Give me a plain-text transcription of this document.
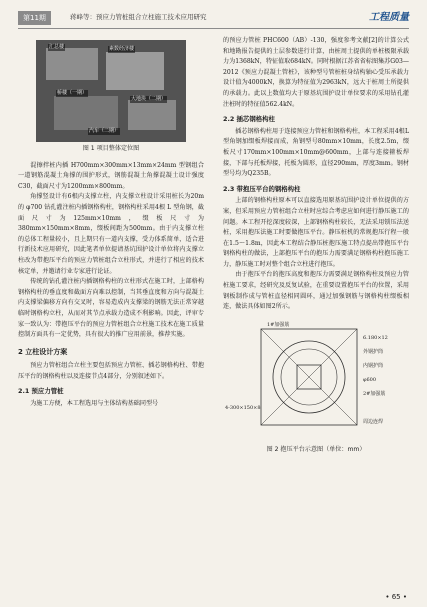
第11期	蒋峰等：预应力管桩组合立柱施工技术应用研究	工程质量
汇总楼	素数经济楼
桥楼（一期）
大地块（二期）
汽车（二期）
图 1 项目整体定位图

混擦拌桩内插 H700mm×300mm×13mm×24mm 型钢组合一道钢筋混凝土角撑的围护形式，钢筋混凝土角撑混凝土设计强度 C30，截面尺寸为1200mm×800mm。

角撑竖设计有6根内支撑立柱，内支撑立柱设计采用桩长为20m 的 φ700 钻孔灌注桩内插钢格构柱，钢格构柱采用4根 L 型角钢，截面尺寸为125mm×10mm，缀板尺寸为380mm×150mm×8mm，缀板间距为500mm。由于内支撑立柱的总体工程量较小，且上期只有一道内支撑，受力体系简单，适合进行新技术应用研究，因此笔者单位提请基坑围护设计单位将内支撑立柱改为带抱压平台的预应力管桩组合立柱形式，并进行了相应的技术核定单，并邀请行业专家进行论证。

传统的钻孔灌注桩内插钢格构柱的立柱形式在施工时，上部格构钢格构柱的垂直度和截面方向难以控制，当其垂直度和方向与混凝土内支撑梁偏移方向有交叉时，容易造成内支撑梁的钢筋无法正常穿越临时钢格构立柱，从而对其节点承载力造成不利影响。因此，评审专家一致认为：带抱压平台的预应力管桩组合立柱施工技术在施工质量控制方面具有一定优势，具有很大的推广应用前景，推荐实施。

2 立柱设计方案

预应力管桩组合立柱主要包括预应力管桩、插芯钢格构柱、带抱压平台的钢格构柱以及连接节点4部分，分别叙述如下。

2.1 预应力管桩

为施工方便，本工程选用与主体结构基础同型号

的预应力管桩 PHC600（AB）-130，强度参考文献[2]的计算公式和地勘报告提供的土层参数进行计算，由桩周土提供的单桩极限承载力为1368kN，特征值取684kN。同时根据江苏省省标图集苏G03—2012《预应力混凝土管桩》，该种型号管桩桩身结构轴心受压承载力设计值为4000kN，换算为特征值为2963kN，远大于桩周土所提供的承载力。此以上数值均大于原基坑围护设计单位要求的采用钻孔灌注桩时的特征值562.4kN。

2.2 插芯钢格构柱

插芯钢格构柱用于连接预应力管桩和钢格构柱，本工程采用4根L型角钢加缀板焊接而成，角钢型号80mm×10mm，长度2.5m，缀板尺寸170mm×100mm×10mm@600mm，上部与连接箍板焊接，下部与托板焊接，托板为圆形，直径290mm，厚度3mm。钢材型号均为Q235B。

2.3 带抱压平台的钢格构柱

上部的钢格构柱原本可以直接选用原基坑围护设计单位提供的方案，但采用预应力管桩组合立柱时应综合考虑应如何进行静压施工的问题。本工程开挖深度较深，上部钢格构柱较长，无法采用锁压法送桩，采用抱压法施工时要做抱压平台。静压桩机的常规抱压行程一般在1.5～1.8m，因此本工程结合静压桩抱压施工特点提出带抱压平台钢格构柱的做法，上部抱压平台的抱压力需要满足钢格构柱抱压施工力，静压施工时对整个组合立柱进行抱压。

由于抱压平台的抱压高度和抱压力需要满足钢格构柱及预应力管桩施工要求，经研究及反复试验，在重要设置抱压平台的位置，采用钢板制作成与管桩直径相同圆环，通过加强钢筋与钢格构柱缀板相连，做法具体如图2所示。

1#加强筋
6.180×12
外钢护筒
内钢护筒
φ600
2#加强筋
4-300×150×8
周边连焊
图 2 抱压平台示意图（单位：mm）
• 65 •
